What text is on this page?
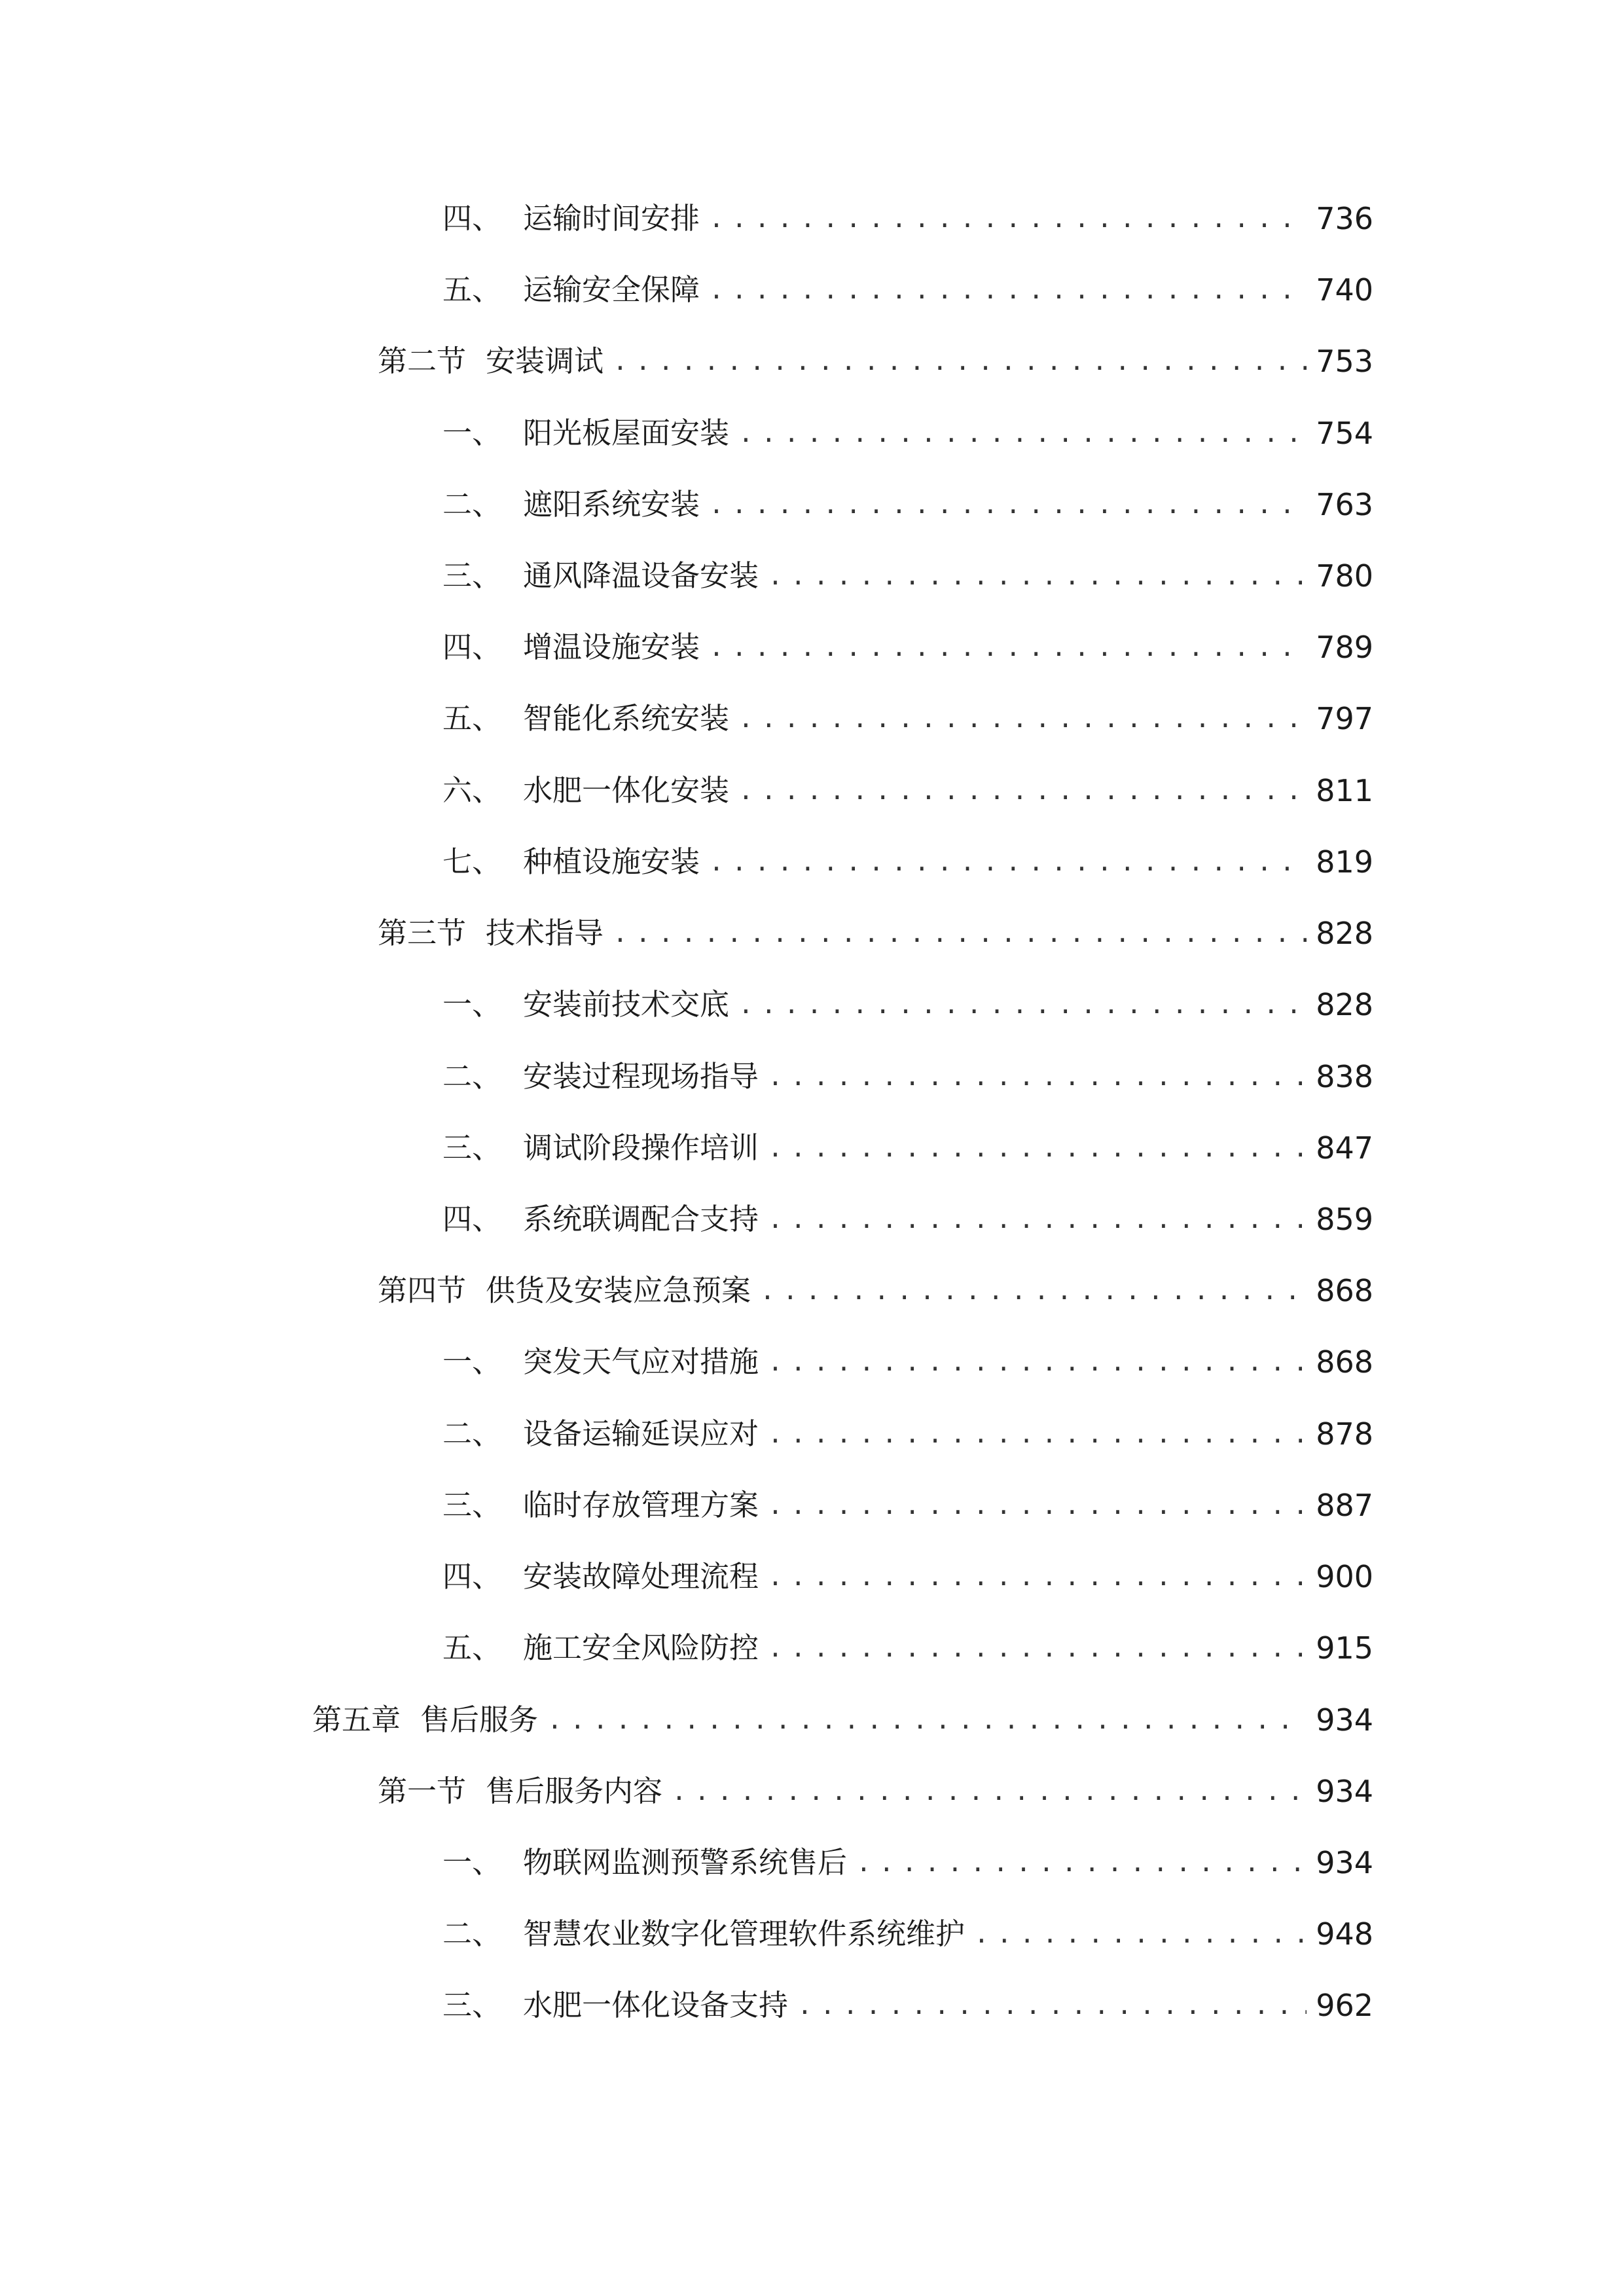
四、 运输时间安排 .....	736
五、 运输安全保障 .....	740
第二节 安装调试 .....	753
一、 阳光板屋面安装 .....	754
二、 遮阳系统安装 .....	763
三、 通风降温设备安装 .....	780
四、 增温设施安装 .....	789
五、 智能化系统安装 .....	797
六、 水肥一体化安装 .....	811
七、 种植设施安装 .....	819
第三节 技术指导 .....	828
一、 安装前技术交底 .....	828
二、 安装过程现场指导 .....	838
三、 调试阶段操作培训 .....	847
四、 系统联调配合支持 .....	859
第四节 供货及安装应急预案 .....	868
一、 突发天气应对措施 .....	868
二、 设备运输延误应对 .....	878
三、 临时存放管理方案 .....	887
四、 安装故障处理流程 .....	900
五、 施工安全风险防控 .....	915
第五章 售后服务 .....	934
第一节 售后服务内容 .....	934
一、 物联网监测预警系统售后 .....	934
二、 智慧农业数字化管理软件系统维护 .....	948
三、 水肥一体化设备支持 .....	962
